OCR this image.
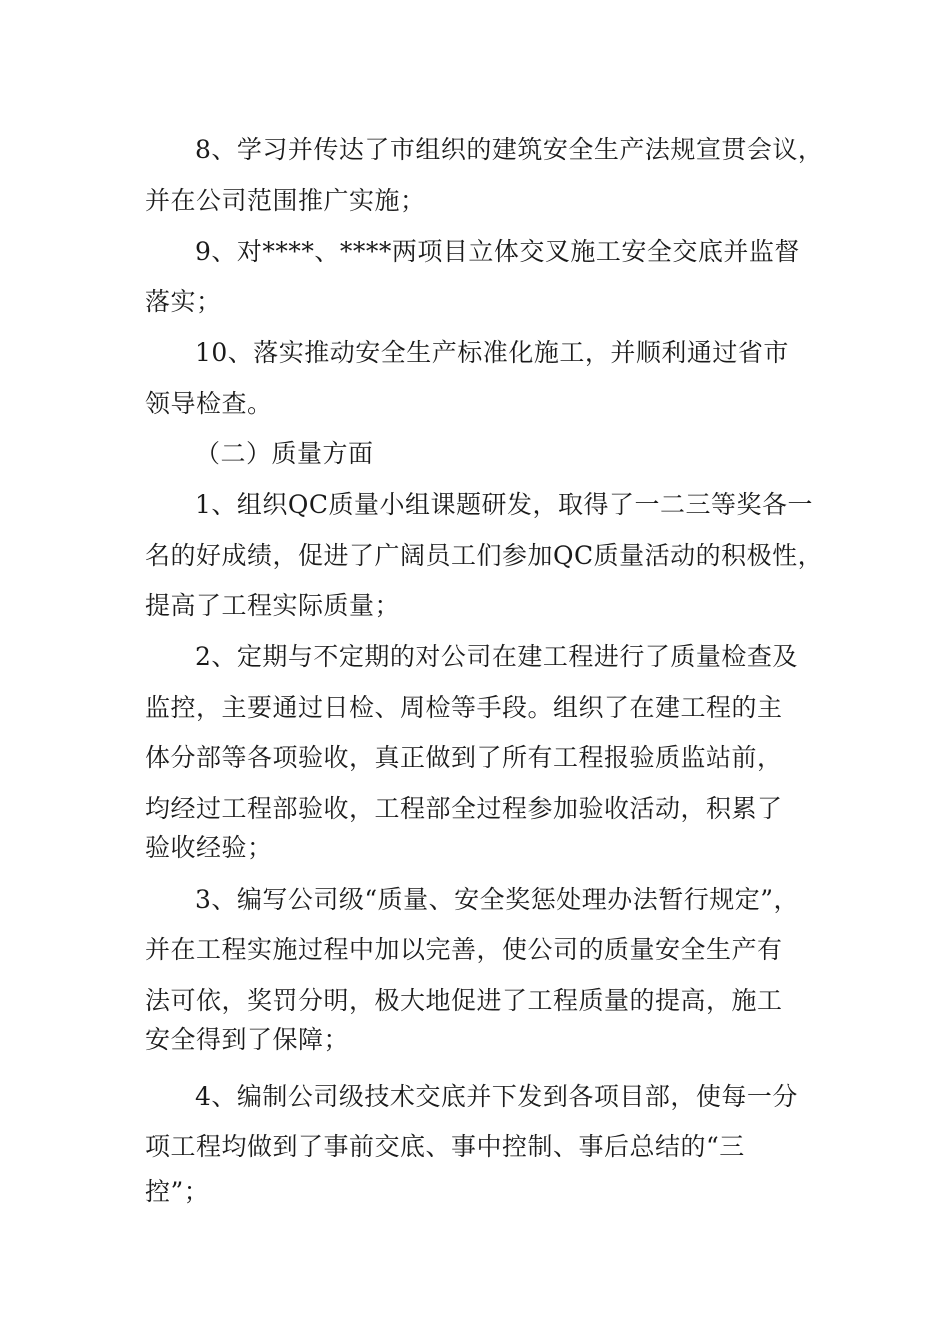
8、学习并传达了市组织的建筑安全生产法规宣贯会议，
并在公司范围推广实施；
9、对****、****两项目立体交叉施工安全交底并监督
落实；
10、落实推动安全生产标准化施工，并顺利通过省市
领导检查。
（二）质量方面
1、组织QC质量小组课题研发，取得了一二三等奖各一
名的好成绩，促进了广阔员工们参加QC质量活动的积极性，
提高了工程实际质量；
2、定期与不定期的对公司在建工程进行了质量检查及
监控，主要通过日检、周检等手段。组织了在建工程的主
体分部等各项验收，真正做到了所有工程报验质监站前，
均经过工程部验收，工程部全过程参加验收活动，积累了
验收经验；
3、编写公司级“质量、安全奖惩处理办法暂行规定”，
并在工程实施过程中加以完善，使公司的质量安全生产有
法可依，奖罚分明，极大地促进了工程质量的提高，施工
安全得到了保障；
4、编制公司级技术交底并下发到各项目部，使每一分
项工程均做到了事前交底、事中控制、事后总结的“三
控”；
